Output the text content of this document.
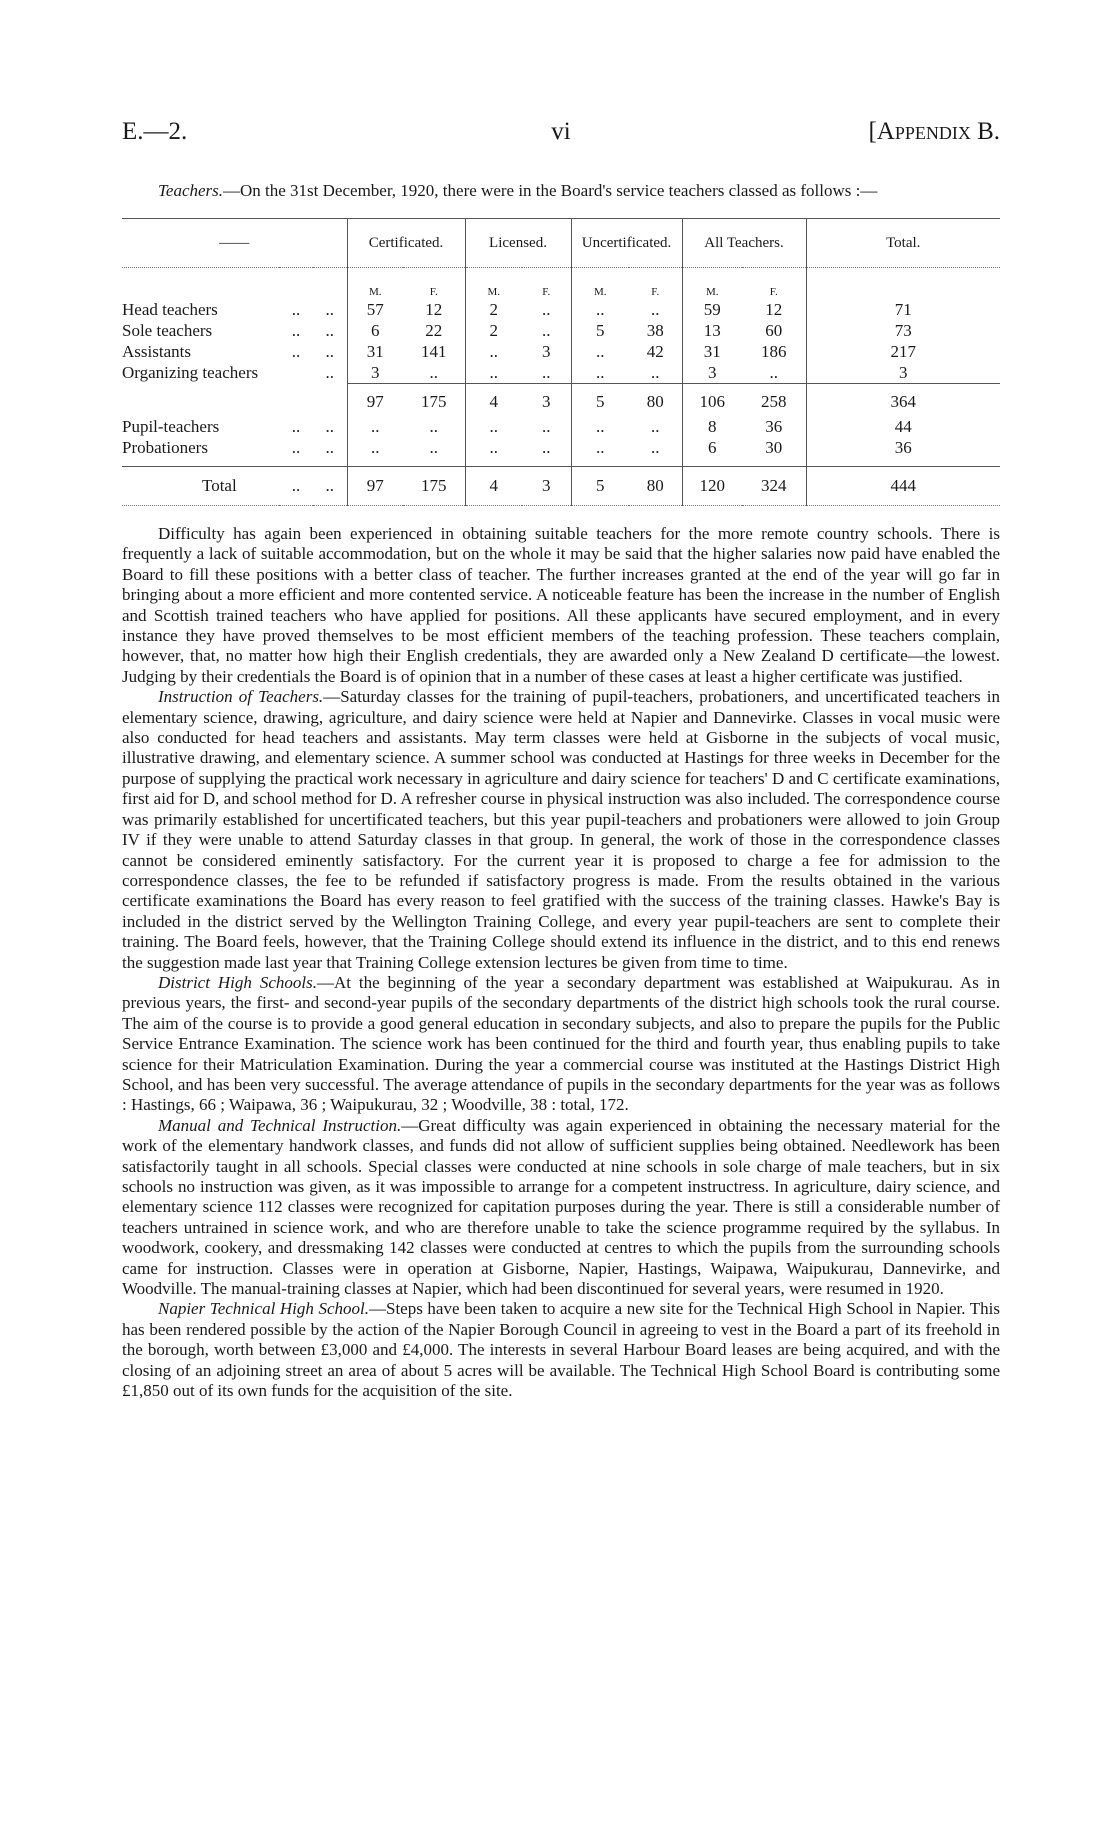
E.—2.	vi	[Appendix B.

Teachers.—On the 31st December, 1920, there were in the Board's service teachers classed as follows :—

——			Certificated.		Licensed.		Uncertificated.		All Teachers.		Total.
			M.	F.	M.	F.	M.	F.	M.	F.	
Head teachers	..	..	57	12	2	..	..	..	59	12	71
Sole teachers	..	..	6	22	2	..	5	38	13	60	73
Assistants	..	..	31	141	..	3	..	42	31	186	217
Organizing teachers		..	3	..	..	..	..	..	3	..	3
			97	175	4	3	5	80	106	258	364
Pupil-teachers	..	..	..	..	..	..	..	..	8	36	44
Probationers	..	..	..	..	..	..	..	..	6	30	36

Total	..	..	97	175	4	3	5	80	120	324	444

Difficulty has again been experienced in obtaining suitable teachers for the more remote country schools. There is frequently a lack of suitable accommodation, but on the whole it may be said that the higher salaries now paid have enabled the Board to fill these positions with a better class of teacher. The further increases granted at the end of the year will go far in bringing about a more efficient and more contented service. A noticeable feature has been the increase in the number of English and Scottish trained teachers who have applied for positions. All these applicants have secured employment, and in every instance they have proved themselves to be most efficient members of the teaching profession. These teachers complain, however, that, no matter how high their English credentials, they are awarded only a New Zealand D certificate—the lowest. Judging by their credentials the Board is of opinion that in a number of these cases at least a higher certificate was justified.

Instruction of Teachers.—Saturday classes for the training of pupil-teachers, probationers, and uncertificated teachers in elementary science, drawing, agriculture, and dairy science were held at Napier and Dannevirke. Classes in vocal music were also conducted for head teachers and assistants. May term classes were held at Gisborne in the subjects of vocal music, illustrative drawing, and elementary science. A summer school was conducted at Hastings for three weeks in December for the purpose of supplying the practical work necessary in agriculture and dairy science for teachers' D and C certificate examinations, first aid for D, and school method for D. A refresher course in physical instruction was also included. The correspondence course was primarily established for uncertificated teachers, but this year pupil-teachers and probationers were allowed to join Group IV if they were unable to attend Saturday classes in that group. In general, the work of those in the correspondence classes cannot be considered eminently satisfactory. For the current year it is proposed to charge a fee for admission to the correspondence classes, the fee to be refunded if satisfactory progress is made. From the results obtained in the various certificate examinations the Board has every reason to feel gratified with the success of the training classes. Hawke's Bay is included in the district served by the Wellington Training College, and every year pupil-teachers are sent to complete their training. The Board feels, however, that the Training College should extend its influence in the district, and to this end renews the suggestion made last year that Training College extension lectures be given from time to time.

District High Schools.—At the beginning of the year a secondary department was established at Waipukurau. As in previous years, the first- and second-year pupils of the secondary departments of the district high schools took the rural course. The aim of the course is to provide a good general education in secondary subjects, and also to prepare the pupils for the Public Service Entrance Examination. The science work has been continued for the third and fourth year, thus enabling pupils to take science for their Matriculation Examination. During the year a commercial course was instituted at the Hastings District High School, and has been very successful. The average attendance of pupils in the secondary departments for the year was as follows : Hastings, 66 ; Waipawa, 36 ; Waipukurau, 32 ; Woodville, 38 : total, 172.

Manual and Technical Instruction.—Great difficulty was again experienced in obtaining the necessary material for the work of the elementary handwork classes, and funds did not allow of sufficient supplies being obtained. Needlework has been satisfactorily taught in all schools. Special classes were conducted at nine schools in sole charge of male teachers, but in six schools no instruction was given, as it was impossible to arrange for a competent instructress. In agriculture, dairy science, and elementary science 112 classes were recognized for capitation purposes during the year. There is still a considerable number of teachers untrained in science work, and who are therefore unable to take the science programme required by the syllabus. In woodwork, cookery, and dressmaking 142 classes were conducted at centres to which the pupils from the surrounding schools came for instruction. Classes were in operation at Gisborne, Napier, Hastings, Waipawa, Waipukurau, Dannevirke, and Woodville. The manual-training classes at Napier, which had been discontinued for several years, were resumed in 1920.

Napier Technical High School.—Steps have been taken to acquire a new site for the Technical High School in Napier. This has been rendered possible by the action of the Napier Borough Council in agreeing to vest in the Board a part of its freehold in the borough, worth between £3,000 and £4,000. The interests in several Harbour Board leases are being acquired, and with the closing of an adjoining street an area of about 5 acres will be available. The Technical High School Board is contributing some £1,850 out of its own funds for the acquisition of the site.
